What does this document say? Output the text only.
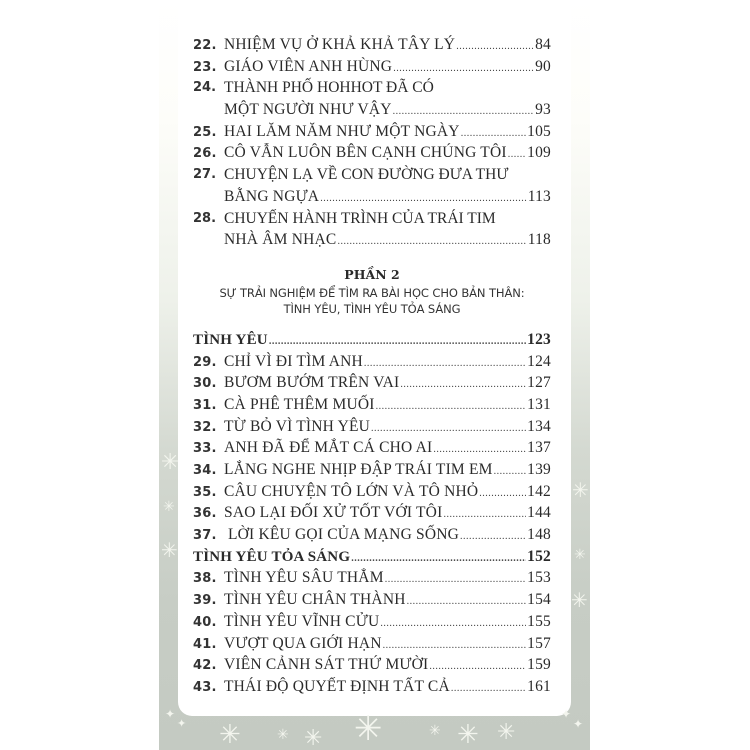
✳
✳
✳
✳
✳
✳
✦
✦ ✳	✳ ✳ ✳	✳ ✳ ✳
✦
✦
22. NHIỆM VỤ Ở KHẢ KHẢ TÂY LÝ .....	84
23. GIÁO VIÊN ANH HÙNG .....	90
24. THÀNH PHỐ HOHHOT ĐÃ CÓ
MỘT NGƯỜI NHƯ VẬY .....	93
25. HAI LĂM NĂM NHƯ MỘT NGÀY .....	105
26. CÔ VẪN LUÔN BÊN CẠNH CHÚNG TÔI ..... 109
27. CHUYỆN LẠ VỀ CON ĐƯỜNG ĐƯA THƯ
BẰNG NGỰA .....	113
28. CHUYẾN HÀNH TRÌNH CỦA TRÁI TIM
NHÀ ÂM NHẠC .....	118
PHẦN 2
SỰ TRẢI NGHIỆM ĐỂ TÌM RA BÀI HỌC CHO BẢN THÂN:
TÌNH YÊU, TÌNH YÊU TỎA SÁNG
TÌNH YÊU .....	123
29. CHỈ VÌ ĐI TÌM ANH .....	124
30. BƯƠM BƯỚM TRÊN VAI .....	127
31. CÀ PHÊ THÊM MUỐI .....	131
32. TỪ BỎ VÌ TÌNH YÊU .....	134
33. ANH ĐÃ ĐỂ MẮT CÁ CHO AI .....	137
34. LẮNG NGHE NHỊP ĐẬP TRÁI TIM EM ..... 139
35. CÂU CHUYỆN TÔ LỚN VÀ TÔ NHỎ .....	142
36. SAO LẠI ĐỐI XỬ TỐT VỚI TÔI .....	144
37. LỜI KÊU GỌI CỦA MẠNG SỐNG .....	148
TÌNH YÊU TỎA SÁNG .....	152
38. TÌNH YÊU SÂU THẲM .....	153
39. TÌNH YÊU CHÂN THÀNH .....	154
40. TÌNH YÊU VĨNH CỬU .....	155
41. VƯỢT QUA GIỚI HẠN .....	157
42. VIÊN CẢNH SÁT THỨ MƯỜI .....	159
43. THÁI ĐỘ QUYẾT ĐỊNH TẤT CẢ .....	161
